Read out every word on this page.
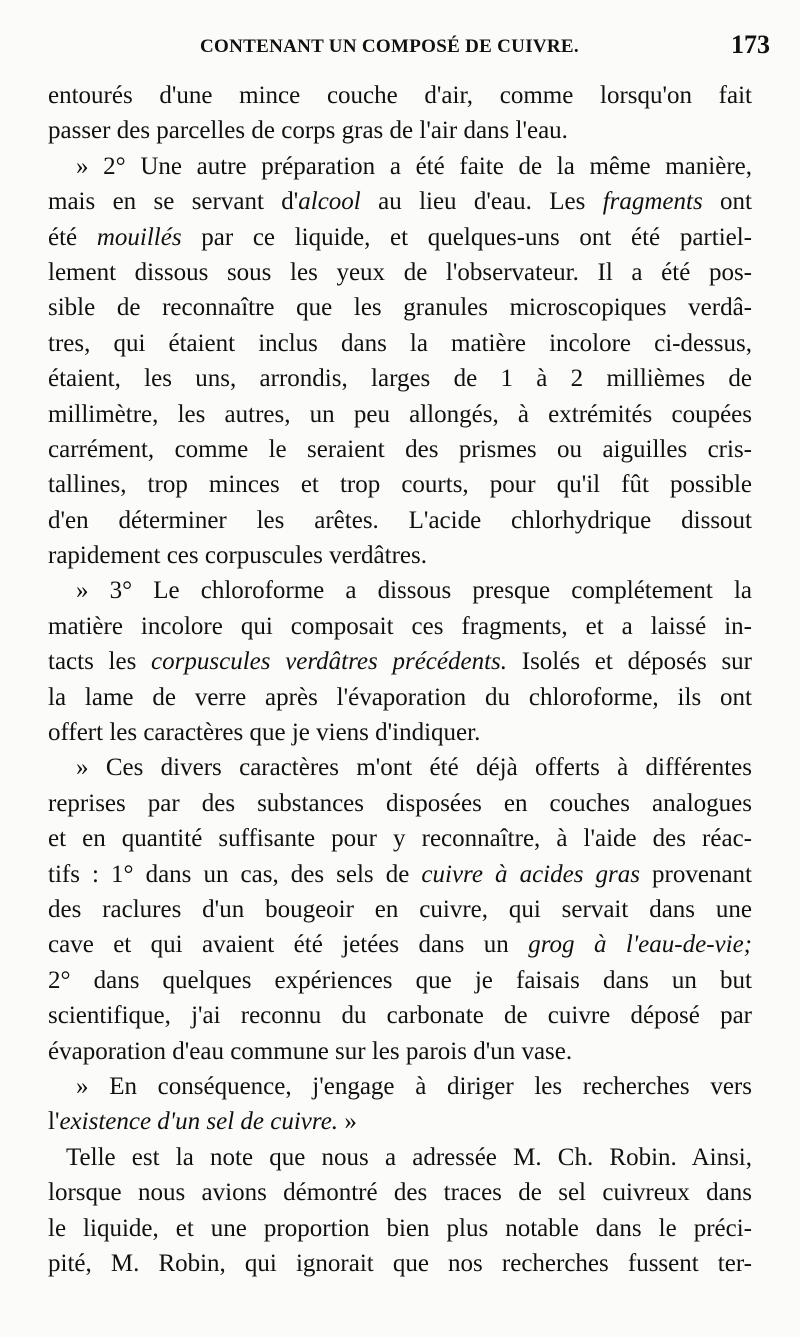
CONTENANT UN COMPOSÉ DE CUIVRE.	173
entourés d'une mince couche d'air, comme lorsqu'on fait
passer des parcelles de corps gras de l'air dans l'eau.
» 2° Une autre préparation a été faite de la même manière,
mais en se servant d'alcool au lieu d'eau. Les fragments ont
été mouillés par ce liquide, et quelques-uns ont été partiel-
lement dissous sous les yeux de l'observateur. Il a été pos-
sible de reconnaître que les granules microscopiques verdâ-
tres, qui étaient inclus dans la matière incolore ci-dessus,
étaient, les uns, arrondis, larges de 1 à 2 millièmes de
millimètre, les autres, un peu allongés, à extrémités coupées
carrément, comme le seraient des prismes ou aiguilles cris-
tallines, trop minces et trop courts, pour qu'il fût possible
d'en déterminer les arêtes. L'acide chlorhydrique dissout
rapidement ces corpuscules verdâtres.
» 3° Le chloroforme a dissous presque complétement la
matière incolore qui composait ces fragments, et a laissé in-
tacts les corpuscules verdâtres précédents. Isolés et déposés sur
la lame de verre après l'évaporation du chloroforme, ils ont
offert les caractères que je viens d'indiquer.
» Ces divers caractères m'ont été déjà offerts à différentes
reprises par des substances disposées en couches analogues
et en quantité suffisante pour y reconnaître, à l'aide des réac-
tifs : 1° dans un cas, des sels de cuivre à acides gras provenant
des raclures d'un bougeoir en cuivre, qui servait dans une
cave et qui avaient été jetées dans un grog à l'eau-de-vie;
2° dans quelques expériences que je faisais dans un but
scientifique, j'ai reconnu du carbonate de cuivre déposé par
évaporation d'eau commune sur les parois d'un vase.
» En conséquence, j'engage à diriger les recherches vers
l'existence d'un sel de cuivre. »
Telle est la note que nous a adressée M. Ch. Robin. Ainsi,
lorsque nous avions démontré des traces de sel cuivreux dans
le liquide, et une proportion bien plus notable dans le préci-
pité, M. Robin, qui ignorait que nos recherches fussent ter-
